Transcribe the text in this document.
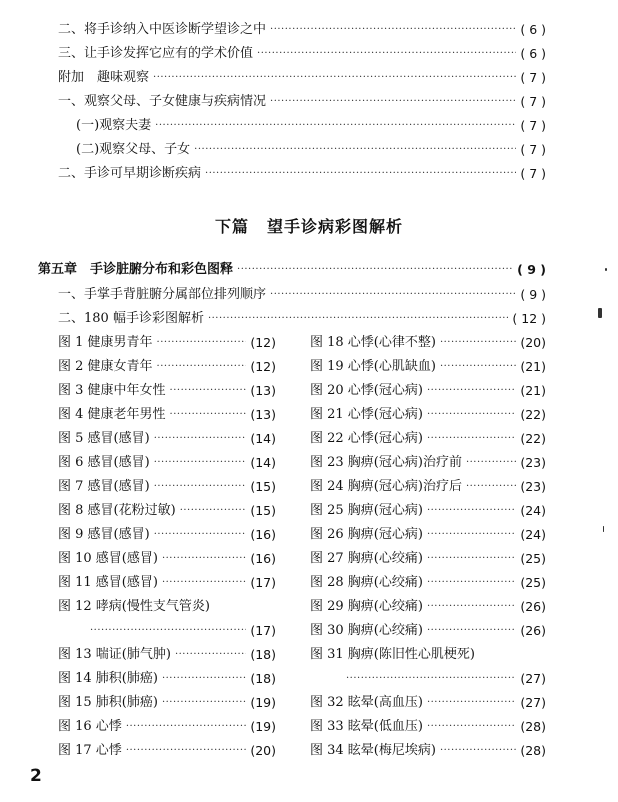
二、将手诊纳入中医诊断学望诊之中 ·····	( 6 )
三、让手诊发挥它应有的学术价值 ·····	( 6 )
附加　趣味观察 ·····	( 7 )
一、观察父母、子女健康与疾病情况 ·····	( 7 )
(一)观察夫妻 ·····	( 7 )
(二)观察父母、子女 ·····	( 7 )
二、手诊可早期诊断疾病 ·····	( 7 )
下篇 望手诊病彩图解析
第五章　手诊脏腑分布和彩色图释 ·····	( 9 )
一、手掌手背脏腑分属部位排列顺序 ·····	( 9 )
二、180 幅手诊彩图解析 ·····	( 12 )
图 1 健康男青年 ·····	(12)
图 2 健康女青年 ·····	(12)
图 3 健康中年女性 ·····	(13)
图 4 健康老年男性 ·····	(13)
图 5 感冒(感冒) ·····	(14)
图 6 感冒(感冒) ·····	(14)
图 7 感冒(感冒) ·····	(15)
图 8 感冒(花粉过敏) ·····	(15)
图 9 感冒(感冒) ·····	(16)
图 10 感冒(感冒) ·····	(16)
图 11 感冒(感冒) ·····	(17)
图 12 哮病(慢性支气管炎)
·····
(17)
图 13 喘证(肺气肿) ·····	(18)
图 14 肺积(肺癌) ·····	(18)
图 15 肺积(肺癌) ·····	(19)
图 16 心悸 ·····	(19)
图 17 心悸 ·····	(20)
图 18 心悸(心律不整) ·····	(20)
图 19 心悸(心肌缺血) ·····	(21)
图 20 心悸(冠心病) ·····	(21)
图 21 心悸(冠心病) ·····	(22)
图 22 心悸(冠心病) ·····	(22)
图 23 胸痹(冠心病)治疗前 ·····	(23)
图 24 胸痹(冠心病)治疗后 ·····	(23)
图 25 胸痹(冠心病) ·····	(24)
图 26 胸痹(冠心病) ·····	(24)
图 27 胸痹(心绞痛) ·····	(25)
图 28 胸痹(心绞痛) ·····	(25)
图 29 胸痹(心绞痛) ·····	(26)
图 30 胸痹(心绞痛) ·····	(26)
图 31 胸痹(陈旧性心肌梗死)
·····
(27)
图 32 眩晕(高血压) ·····	(27)
图 33 眩晕(低血压) ·····	(28)
图 34 眩晕(梅尼埃病) ·····	(28)
2
